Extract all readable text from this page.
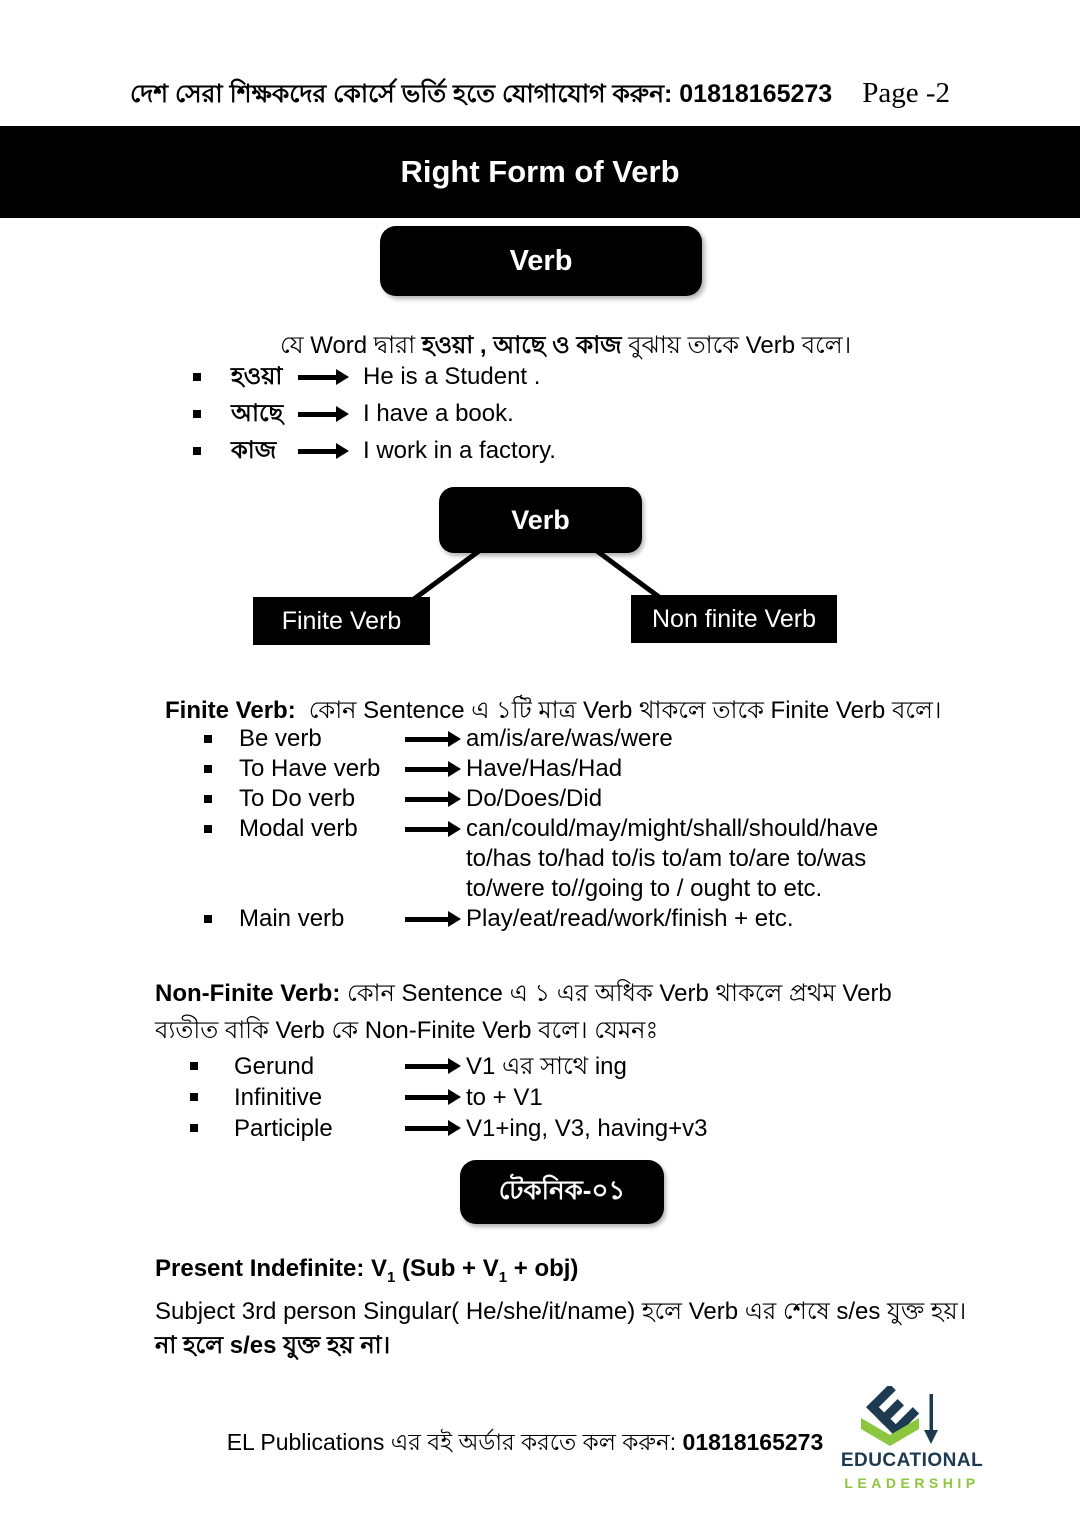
দেশ সেরা শিক্ষকদের কোর্সে ভর্তি হতে যোগাযোগ করুন: 01818165273 Page -2
Right Form of Verb
Verb
যে Word দ্বারা হওয়া , আছে ও কাজ বুঝায় তাকে Verb বলে।
হওয়া	He is a Student .
আছে	I have a book.
কাজ	I work in a factory.
Verb
Finite Verb	Non finite Verb
Finite Verb: কোন Sentence এ ১টি মাত্র Verb থাকলে তাকে Finite Verb বলে।
Be verb	am/is/are/was/were
To Have verb	Have/Has/Had
To Do verb	Do/Does/Did
Modal verb	can/could/may/might/shall/should/have to/has to/had to/is to/am to/are to/was to/were to//going to / ought to etc.
Main verb	Play/eat/read/work/finish + etc.
Non-Finite Verb: কোন Sentence এ ১ এর অধিক Verb থাকলে প্রথম Verb ব্যতীত বাকি Verb কে Non-Finite Verb বলে। যেমনঃ
Gerund	V1 এর সাথে ing
Infinitive	to + V1
Participle	V1+ing, V3, having+v3
টেকনিক-০১
Present Indefinite: $V_1$ $(Sub + V_1 + obj)$
Subject 3rd person Singular( He/she/it/name) হলে Verb এর শেষে s/es যুক্ত হয়।
না হলে s/es যুক্ত হয় না।
EL Publications এর বই অর্ডার করতে কল করুন: 01818165273
EDUCATIONAL
LEADERSHIP
